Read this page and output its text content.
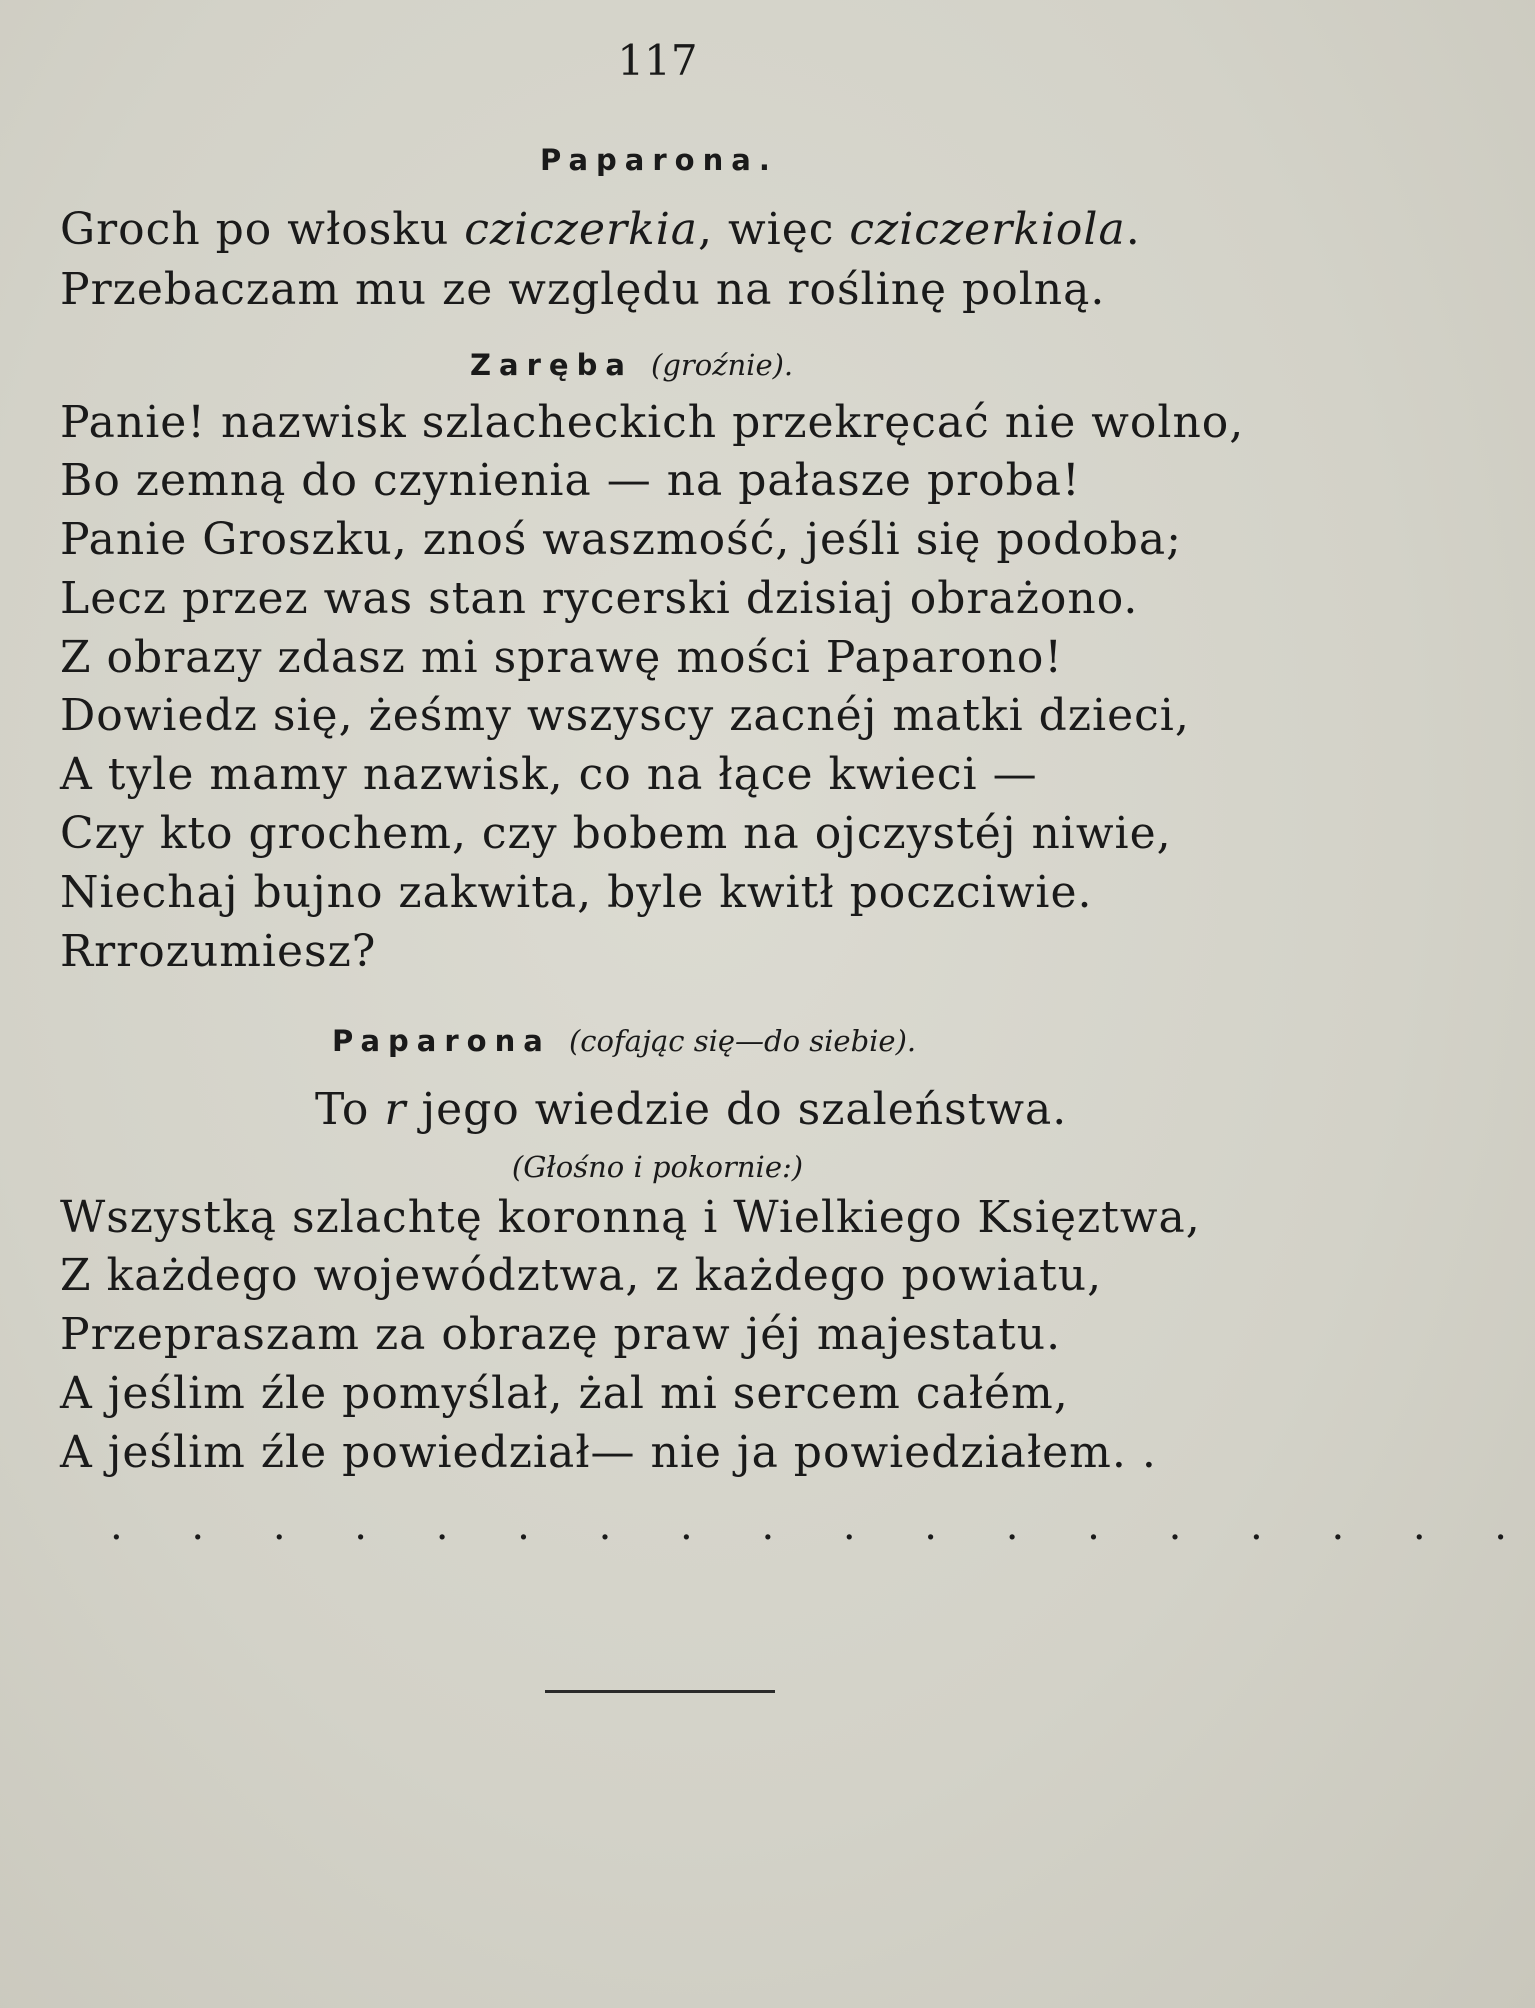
117
Paparona.
Groch po włosku cziczerkia, więc cziczerkiola.
Przebaczam mu ze względu na roślinę polną.
Zaręba (groźnie).
Panie! nazwisk szlacheckich przekręcać nie wolno,
Bo zemną do czynienia — na pałasze proba!
Panie Groszku, znoś waszmość, jeśli się podoba;
Lecz przez was stan rycerski dzisiaj obrażono.
Z obrazy zdasz mi sprawę mości Paparono!
Dowiedz się, żeśmy wszyscy zacnéj matki dzieci,
A tyle mamy nazwisk, co na łące kwieci —
Czy kto grochem, czy bobem na ojczystéj niwie,
Niechaj bujno zakwita, byle kwitł poczciwie.
Rrrozumiesz?
Paparona (cofając się—do siebie).
To r jego wiedzie do szaleństwa.
(Głośno i pokornie:)
Wszystką szlachtę koronną i Wielkiego Księztwa,
Z każdego województwa, z każdego powiatu,
Przepraszam za obrazę praw jéj majestatu.
A jeślim źle pomyślał, żal mi sercem całém,
A jeślim źle powiedział— nie ja powiedziałem. .
. . . . . . . . . . . . . . . . . .
